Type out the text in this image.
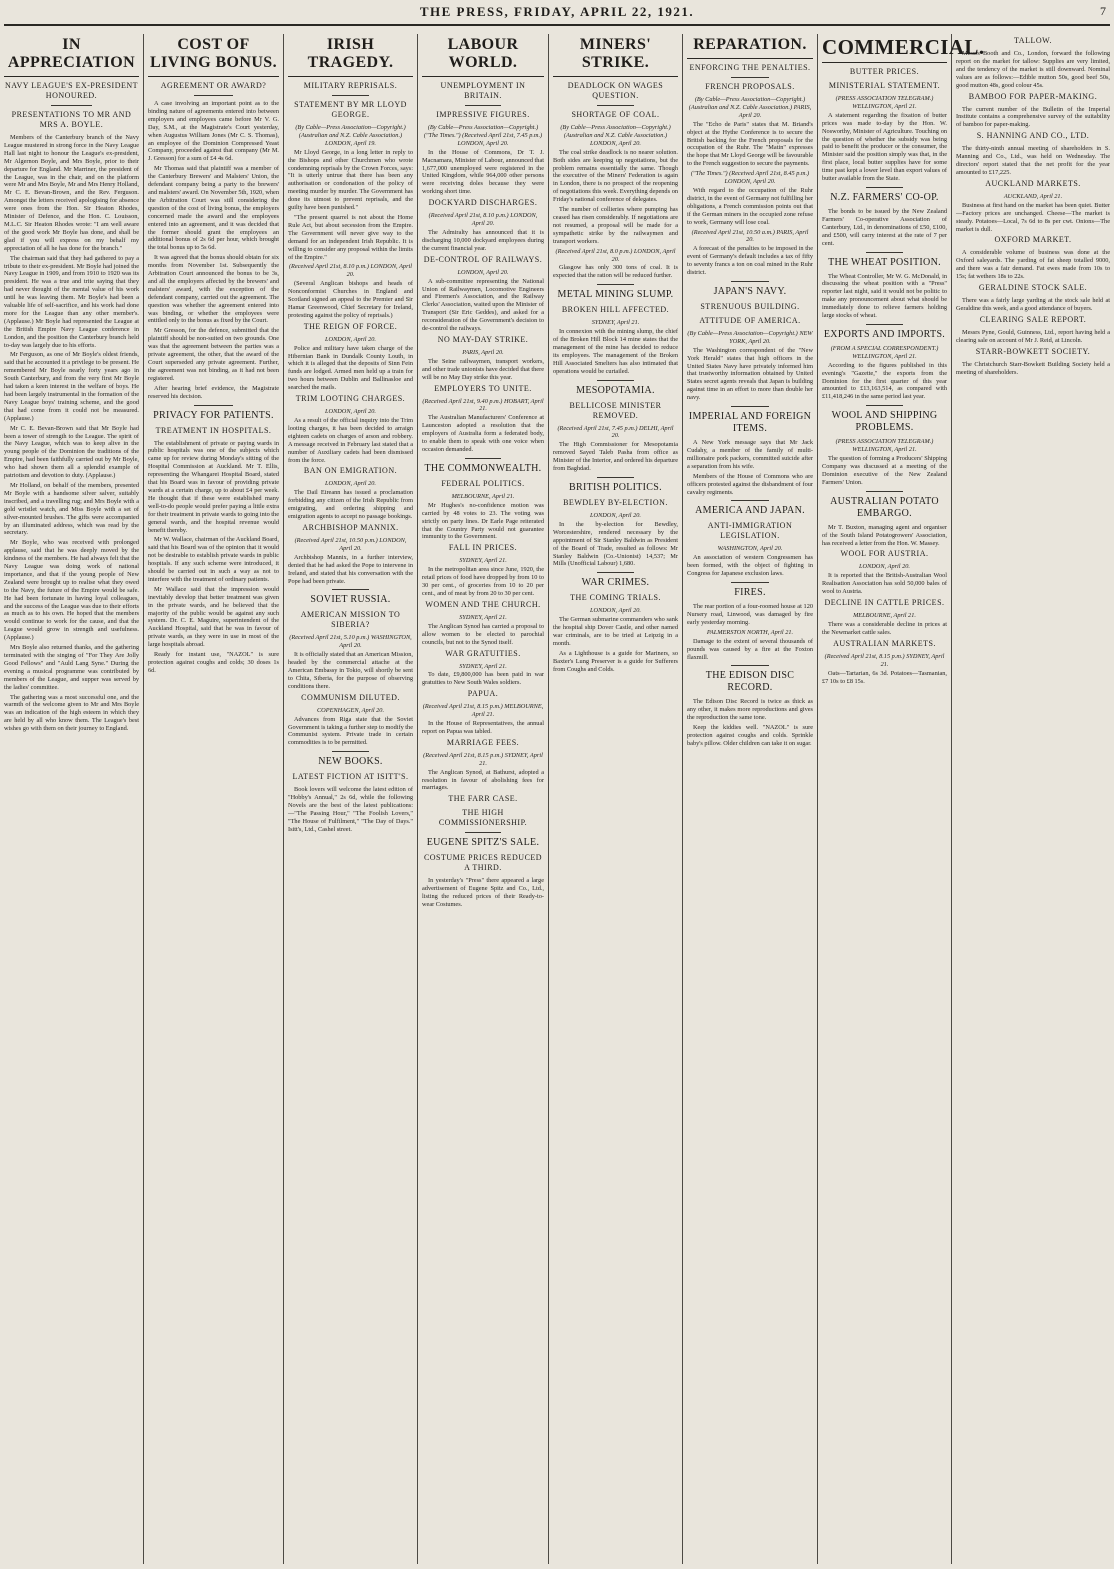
THE PRESS, FRIDAY, APRIL 22, 1921.	7
IN APPRECIATION
NAVY LEAGUE'S EX-PRESIDENT HONOURED.
PRESENTATIONS TO MR AND MRS A. BOYLE.

Members of the Canterbury branch of the Navy League mustered in strong force in the Navy League Hall last night to honour the League's ex-president, Mr Algernon Boyle, and Mrs Boyle, prior to their departure for England. Mr Marriner, the president of the League, was in the chair, and on the platform were Mr and Mrs Boyle, Mr and Mrs Henry Holland, Mr C. E. Bevan-Brown, and the Rev. Ferguson. Amongst the letters received apologising for absence were ones from the Hon. Sir Heaton Rhodes, Minister of Defence, and the Hon. C. Louisson, M.L.C. Sir Heaton Rhodes wrote: "I am well aware of the good work Mr Boyle has done, and shall be glad if you will express on my behalf my appreciation of all he has done for the branch."

The chairman said that they had gathered to pay a tribute to their ex-president. Mr Boyle had joined the Navy League in 1909, and from 1910 to 1920 was its president. He was a true and trite saying that they had never thought of the mental value of his work until he was leaving them. Mr Boyle's had been a valuable life of self-sacrifice, and his work had done more for the League than any other member's. (Applause.) Mr Boyle had represented the League at the British Empire Navy League conference in London, and the position the Canterbury branch held to-day was largely due to his efforts.

Mr Ferguson, as one of Mr Boyle's oldest friends, said that he accounted it a privilege to be present. He remembered Mr Boyle nearly forty years ago in South Canterbury, and from the very first Mr Boyle had taken a keen interest in the welfare of boys. He had been largely instrumental in the formation of the Navy League boys' training scheme, and the good that had come from it could not be measured. (Applause.)

Mr C. E. Bevan-Brown said that Mr Boyle had been a tower of strength to the League. The spirit of the Navy League, which was to keep alive in the young people of the Dominion the traditions of the Empire, had been faithfully carried out by Mr Boyle, who had shown them all a splendid example of patriotism and devotion to duty. (Applause.)

Mr Holland, on behalf of the members, presented Mr Boyle with a handsome silver salver, suitably inscribed, and a travelling rug; and Mrs Boyle with a gold wristlet watch, and Miss Boyle with a set of silver-mounted brushes. The gifts were accompanied by an illuminated address, which was read by the secretary.

Mr Boyle, who was received with prolonged applause, said that he was deeply moved by the kindness of the members. He had always felt that the Navy League was doing work of national importance, and that if the young people of New Zealand were brought up to realise what they owed to the Navy, the future of the Empire would be safe. He had been fortunate in having loyal colleagues, and the success of the League was due to their efforts as much as to his own. He hoped that the members would continue to work for the cause, and that the League would grow in strength and usefulness. (Applause.)

Mrs Boyle also returned thanks, and the gathering terminated with the singing of "For They Are Jolly Good Fellows" and "Auld Lang Syne." During the evening a musical programme was contributed by members of the League, and supper was served by the ladies' committee.

The gathering was a most successful one, and the warmth of the welcome given to Mr and Mrs Boyle was an indication of the high esteem in which they are held by all who know them. The League's best wishes go with them on their journey to England.

COST OF LIVING BONUS.
AGREEMENT OR AWARD?

A case involving an important point as to the binding nature of agreements entered into between employers and employees came before Mr V. G. Day, S.M., at the Magistrate's Court yesterday, when Augustus William Jones (Mr C. S. Thomas), an employee of the Dominion Compressed Yeast Company, proceeded against that company (Mr M. J. Gresson) for a sum of £4 4s 6d.

Mr Thomas said that plaintiff was a member of the Canterbury Brewers' and Malsters' Union, the defendant company being a party to the brewers' and malsters' award. On November 5th, 1920, when the Arbitration Court was still considering the question of the cost of living bonus, the employers concerned made the award and the employees entered into an agreement, and it was decided that the former should grant the employees an additional bonus of 2s 6d per hour, which brought the total bonus up to 5s 6d.

It was agreed that the bonus should obtain for six months from November 1st. Subsequently the Arbitration Court announced the bonus to be 3s, and all the employers affected by the brewers' and malsters' award, with the exception of the defendant company, carried out the agreement. The question was whether the agreement entered into was binding, or whether the employees were entitled only to the bonus as fixed by the Court.

Mr Gresson, for the defence, submitted that the plaintiff should be non-suited on two grounds. One was that the agreement between the parties was a private agreement, the other, that the award of the Court superseded any private agreement. Further, the agreement was not binding, as it had not been registered.

After hearing brief evidence, the Magistrate reserved his decision.

PRIVACY FOR PATIENTS.
TREATMENT IN HOSPITALS.

The establishment of private or paying wards in public hospitals was one of the subjects which came up for review during Monday's sitting of the Hospital Commission at Auckland. Mr T. Ellis, representing the Whangarei Hospital Board, stated that his Board was in favour of providing private wards at a certain charge, up to about £4 per week. He thought that if these were established many well-to-do people would prefer paying a little extra for their treatment in private wards to going into the general wards, and the hospital revenue would benefit thereby.

Mr W. Wallace, chairman of the Auckland Board, said that his Board was of the opinion that it would not be desirable to establish private wards in public hospitals. If any such scheme were introduced, it should be carried out in such a way as not to interfere with the treatment of ordinary patients.

Mr Wallace said that the impression would inevitably develop that better treatment was given in the private wards, and he believed that the majority of the public would be against any such system. Dr. C. E. Maguire, superintendent of the Auckland Hospital, said that he was in favour of private wards, as they were in use in most of the large hospitals abroad.

Ready for instant use, "NAZOL" is sure protection against coughs and colds; 30 doses 1s 6d.

IRISH TRAGEDY.
MILITARY REPRISALS.
STATEMENT BY MR LLOYD GEORGE.
(By Cable—Press Association—Copyright.) (Australian and N.Z. Cable Association.) LONDON, April 19.

Mr Lloyd George, in a long letter in reply to the Bishops and other Churchmen who wrote condemning reprisals by the Crown Forces, says: "It is utterly untrue that there has been any authorisation or condonation of the policy of meeting murder by murder. The Government has done its utmost to prevent reprisals, and the guilty have been punished."

"The present quarrel is not about the Home Rule Act, but about secession from the Empire. The Government will never give way to the demand for an independent Irish Republic. It is willing to consider any proposal within the limits of the Empire."

(Received April 21st, 8.10 p.m.) LONDON, April 20.

(Several Anglican bishops and heads of Nonconformist Churches in England and Scotland signed an appeal to the Premier and Sir Hamar Greenwood, Chief Secretary for Ireland, protesting against the policy of reprisals.)

THE REIGN OF FORCE.
LONDON, April 20.

Police and military have taken charge of the Hibernian Bank in Dundalk County Louth, in which it is alleged that the deposits of Sinn Fein funds are lodged. Armed men held up a train for two hours between Dublin and Ballinasloe and searched the mails.

TRIM LOOTING CHARGES.
LONDON, April 20.

As a result of the official inquiry into the Trim looting charges, it has been decided to arraign eighteen cadets on charges of arson and robbery. A message received in February last stated that a number of Auxiliary cadets had been dismissed from the force.

BAN ON EMIGRATION.
LONDON, April 20.

The Dail Eireann has issued a proclamation forbidding any citizen of the Irish Republic from emigrating, and ordering shipping and emigration agents to accept no passage bookings.

ARCHBISHOP MANNIX.
(Received April 21st, 10.50 p.m.) LONDON, April 20.

Archbishop Mannix, in a further interview, denied that he had asked the Pope to intervene in Ireland, and stated that his conversation with the Pope had been private.

SOVIET RUSSIA.
AMERICAN MISSION TO SIBERIA?
(Received April 21st, 5.10 p.m.) WASHINGTON, April 20.

It is officially stated that an American Mission, headed by the commercial attache at the American Embassy in Tokio, will shortly be sent to Chita, Siberia, for the purpose of observing conditions there.

COMMUNISM DILUTED.
COPENHAGEN, April 20.

Advances from Riga state that the Soviet Government is taking a further step to modify the Communist system. Private trade in certain commodities is to be permitted.

NEW BOOKS.
LATEST FICTION AT ISITT'S.

Book lovers will welcome the latest edition of "Hobby's Annual," 2s 6d, while the following Novels are the best of the latest publications:—"The Passing Hour," "The Foolish Lovers," "The House of Fulfilment," "The Day of Days." Isitt's, Ltd., Cashel street.

LABOUR WORLD.
UNEMPLOYMENT IN BRITAIN.
IMPRESSIVE FIGURES.
(By Cable—Press Association—Copyright.) ("The Times.") (Received April 21st, 7.45 p.m.) LONDON, April 20.

In the House of Commons, Dr T. J. Macnamara, Minister of Labour, announced that 1,677,000 unemployed were registered in the United Kingdom, while 964,000 other persons were receiving doles because they were working short time.

DOCKYARD DISCHARGES.
(Received April 21st, 8.10 p.m.) LONDON, April 20.

The Admiralty has announced that it is discharging 10,000 dockyard employees during the current financial year.

DE-CONTROL OF RAILWAYS.
LONDON, April 20.

A sub-committee representing the National Union of Railwaymen, Locomotive Engineers and Firemen's Association, and the Railway Clerks' Association, waited upon the Minister of Transport (Sir Eric Geddes), and asked for a reconsideration of the Government's decision to de-control the railways.

NO MAY-DAY STRIKE.
PARIS, April 20.

The Seine railwaymen, transport workers, and other trade unionists have decided that there will be no May Day strike this year.

EMPLOYERS TO UNITE.
(Received April 21st, 9.40 p.m.) HOBART, April 21.

The Australian Manufacturers' Conference at Launceston adopted a resolution that the employers of Australia form a federated body, to enable them to speak with one voice when occasion demanded.

THE COMMONWEALTH.
FEDERAL POLITICS.
MELBOURNE, April 21.

Mr Hughes's no-confidence motion was carried by 48 votes to 23. The voting was strictly on party lines. Dr Earle Page reiterated that the Country Party would not guarantee immunity to the Government.

FALL IN PRICES.
SYDNEY, April 21.

In the metropolitan area since June, 1920, the retail prices of food have dropped by from 10 to 30 per cent., of groceries from 10 to 20 per cent., and of meat by from 20 to 30 per cent.

WOMEN AND THE CHURCH.
SYDNEY, April 21.

The Anglican Synod has carried a proposal to allow women to be elected to parochial councils, but not to the Synod itself.

WAR GRATUITIES.
SYDNEY, April 21.

To date, £9,800,000 has been paid in war gratuities to New South Wales soldiers.

PAPUA.
(Received April 21st, 8.15 p.m.) MELBOURNE, April 21.

In the House of Representatives, the annual report on Papua was tabled.

MARRIAGE FEES.
(Received April 21st, 8.15 p.m.) SYDNEY, April 21.

The Anglican Synod, at Bathurst, adopted a resolution in favour of abolishing fees for marriages.

THE FARR CASE.
THE HIGH COMMISSIONERSHIP.
EUGENE SPITZ'S SALE.
COSTUME PRICES REDUCED A THIRD.

In yesterday's "Press" there appeared a large advertisement of Eugene Spitz and Co., Ltd., listing the reduced prices of their Ready-to-wear Costumes.

MINERS' STRIKE.
DEADLOCK ON WAGES QUESTION.
SHORTAGE OF COAL.
(By Cable—Press Association—Copyright.) (Australian and N.Z. Cable Association.) LONDON, April 20.

The coal strike deadlock is no nearer solution. Both sides are keeping up negotiations, but the problem remains essentially the same. Though the executive of the Miners' Federation is again in London, there is no prospect of the reopening of negotiations this week. Everything depends on Friday's national conference of delegates.

The number of collieries where pumping has ceased has risen considerably. If negotiations are not resumed, a proposal will be made for a sympathetic strike by the railwaymen and transport workers.

(Received April 21st, 8.0 p.m.) LONDON, April 20.

Glasgow has only 300 tons of coal. It is expected that the ration will be reduced further.

METAL MINING SLUMP.
BROKEN HILL AFFECTED.
SYDNEY, April 21.

In connexion with the mining slump, the chief of the Broken Hill Block 14 mine states that the management of the mine has decided to reduce its employees. The management of the Broken Hill Associated Smelters has also intimated that operations would be curtailed.

MESOPOTAMIA.
BELLICOSE MINISTER REMOVED.
(Received April 21st, 7.45 p.m.) DELHI, April 20.

The High Commissioner for Mesopotamia removed Sayed Taleb Pasha from office as Minister of the Interior, and ordered his departure from Baghdad.

BRITISH POLITICS.
BEWDLEY BY-ELECTION.
LONDON, April 20.

In the by-election for Bewdley, Worcestershire, rendered necessary by the appointment of Sir Stanley Baldwin as President of the Board of Trade, resulted as follows: Mr Stanley Baldwin (Co.-Unionist) 14,537; Mr Mills (Unofficial Labour) 1,680.

WAR CRIMES.
THE COMING TRIALS.
LONDON, April 20.

The German submarine commanders who sank the hospital ship Dover Castle, and other named war criminals, are to be tried at Leipzig in a month.

As a Lighthouse is a guide for Mariners, so Baxter's Lung Preserver is a guide for Sufferers from Coughs and Colds.

REPARATION.
ENFORCING THE PENALTIES.
FRENCH PROPOSALS.
(By Cable—Press Association—Copyright.) (Australian and N.Z. Cable Association.) PARIS, April 20.

The "Echo de Paris" states that M. Briand's object at the Hythe Conference is to secure the British backing for the French proposals for the occupation of the Ruhr. The "Matin" expresses the hope that Mr Lloyd George will be favourable to the French suggestion to secure the payments.

("The Times.") (Received April 21st, 8.45 p.m.) LONDON, April 20.

With regard to the occupation of the Ruhr district, in the event of Germany not fulfilling her obligations, a French commission points out that if the German miners in the occupied zone refuse to work, Germany will lose coal.

(Received April 21st, 10.50 a.m.) PARIS, April 20.

A forecast of the penalties to be imposed in the event of Germany's default includes a tax of fifty to seventy francs a ton on coal mined in the Ruhr district.

JAPAN'S NAVY.
STRENUOUS BUILDING.
ATTITUDE OF AMERICA.
(By Cable—Press Association—Copyright.) NEW YORK, April 20.

The Washington correspondent of the "New York Herald" states that high officers in the United States Navy have privately informed him that trustworthy information obtained by United States secret agents reveals that Japan is building against time in an effort to more than double her navy.

IMPERIAL AND FOREIGN ITEMS.

A New York message says that Mr Jack Cudahy, a member of the family of multi-millionaire pork packers, committed suicide after a separation from his wife.

Members of the House of Commons who are officers protested against the disbandment of four cavalry regiments.

AMERICA AND JAPAN.
ANTI-IMMIGRATION LEGISLATION.
WASHINGTON, April 20.

An association of western Congressmen has been formed, with the object of fighting in Congress for Japanese exclusion laws.

FIRES.

The rear portion of a four-roomed house at 120 Nursery road, Linwood, was damaged by fire early yesterday morning.

PALMERSTON NORTH, April 21.

Damage to the extent of several thousands of pounds was caused by a fire at the Foxton flaxmill.

THE EDISON DISC RECORD.

The Edison Disc Record is twice as thick as any other, it makes more reproductions and gives the reproduction the same tone.

Keep the kiddies well. "NAZOL" is sure protection against coughs and colds. Sprinkle baby's pillow. Older children can take it on sugar.

COMMERCIAL.
BUTTER PRICES.
MINISTERIAL STATEMENT.
(PRESS ASSOCIATION TELEGRAM.) WELLINGTON, April 21.

A statement regarding the fixation of butter prices was made to-day by the Hon. W. Nosworthy, Minister of Agriculture. Touching on the question of whether the subsidy was being paid to benefit the producer or the consumer, the Minister said the position simply was that, in the first place, local butter supplies have for some time past kept a lower level than export values of butter available from the State.

N.Z. FARMERS' CO-OP.

The bonds to be issued by the New Zealand Farmers' Co-operative Association of Canterbury, Ltd., in denominations of £50, £100, and £500, will carry interest at the rate of 7 per cent.

THE WHEAT POSITION.

The Wheat Controller, Mr W. G. McDonald, in discussing the wheat position with a "Press" reporter last night, said it would not be politic to make any pronouncement about what should be immediately done to relieve farmers holding large stocks of wheat.

EXPORTS AND IMPORTS.
(FROM A SPECIAL CORRESPONDENT.) WELLINGTON, April 21.

According to the figures published in this evening's "Gazette," the exports from the Dominion for the first quarter of this year amounted to £13,163,514, as compared with £11,418,246 in the same period last year.

WOOL AND SHIPPING PROBLEMS.
(PRESS ASSOCIATION TELEGRAM.) WELLINGTON, April 21.

The question of forming a Producers' Shipping Company was discussed at a meeting of the Dominion executive of the New Zealand Farmers' Union.

AUSTRALIAN POTATO EMBARGO.

Mr T. Buxton, managing agent and organiser of the South Island Potatogrowers' Association, has received a letter from the Hon. W. Massey.

WOOL FOR AUSTRIA.
LONDON, April 20.

It is reported that the British-Australian Wool Realisation Association has sold 50,000 bales of wool to Austria.

DECLINE IN CATTLE PRICES.
MELBOURNE, April 21.

There was a considerable decline in prices at the Newmarket cattle sales.

AUSTRALIAN MARKETS.
(Received April 21st, 8.15 p.m.) SYDNEY, April 21.

Oats—Tartarian, 6s 3d. Potatoes—Tasmanian, £7 10s to £8 15s.

TALLOW.

Messrs Booth and Co., London, forward the following report on the market for tallow: Supplies are very limited, and the tendency of the market is still downward. Nominal values are as follows:—Edible mutton 50s, good beef 50s, good mutton 48s, good colour 45s.

BAMBOO FOR PAPER-MAKING.

The current number of the Bulletin of the Imperial Institute contains a comprehensive survey of the suitability of bamboo for paper-making.

S. HANNING AND CO., LTD.

The thirty-ninth annual meeting of shareholders in S. Manning and Co., Ltd., was held on Wednesday. The directors' report stated that the net profit for the year amounted to £17,225.

AUCKLAND MARKETS.
AUCKLAND, April 21.

Business at first hand on the market has been quiet. Butter—Factory prices are unchanged. Cheese—The market is steady. Potatoes—Local, 7s 6d to 8s per cwt. Onions—The market is dull.

OXFORD MARKET.

A considerable volume of business was done at the Oxford saleyards. The yarding of fat sheep totalled 9000, and there was a fair demand. Fat ewes made from 10s to 15s; fat wethers 18s to 22s.

GERALDINE STOCK SALE.

There was a fairly large yarding at the stock sale held at Geraldine this week, and a good attendance of buyers.

CLEARING SALE REPORT.

Messrs Pyne, Gould, Guinness, Ltd., report having held a clearing sale on account of Mr J. Reid, at Lincoln.

STARR-BOWKETT SOCIETY.

The Christchurch Starr-Bowkett Building Society held a meeting of shareholders.
